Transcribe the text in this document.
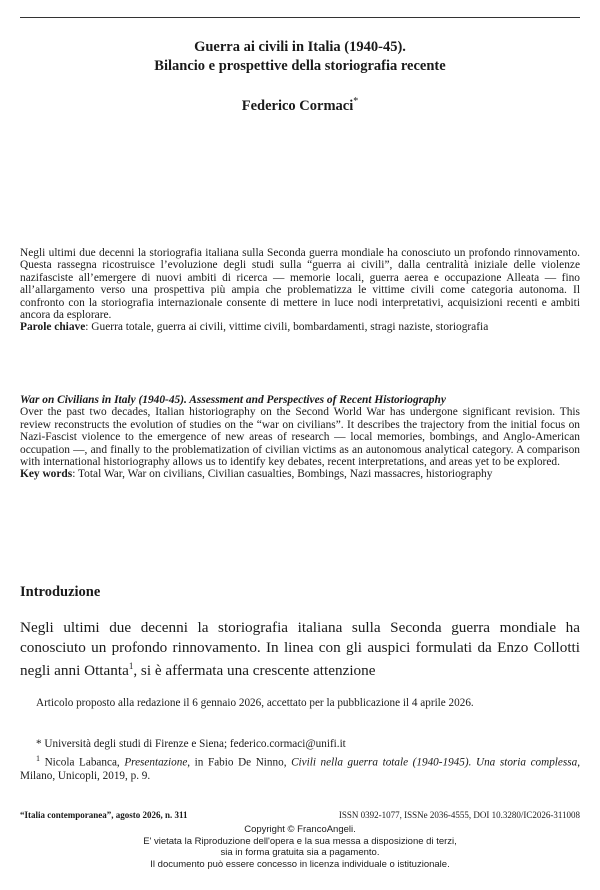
Guerra ai civili in Italia (1940-45).
Bilancio e prospettive della storiografia recente
Federico Cormaci*

Negli ultimi due decenni la storiografia italiana sulla Seconda guerra mondiale ha conosciuto un profondo rinnovamento. Questa rassegna ricostruisce l’evoluzione degli studi sulla “guerra ai civili”, dalla centralità iniziale delle violenze nazifasciste all’emergere di nuovi ambiti di ricerca — memorie locali, guerra aerea e occupazione Alleata — fino all’allargamento verso una prospettiva più ampia che problematizza le vittime civili come categoria autonoma. Il confronto con la storiografia internazionale consente di mettere in luce nodi interpretativi, acquisizioni recenti e ambiti ancora da esplorare.

Parole chiave: Guerra totale, guerra ai civili, vittime civili, bombardamenti, stragi naziste, storiografia

War on Civilians in Italy (1940-45). Assessment and Perspectives of Recent Historiography

Over the past two decades, Italian historiography on the Second World War has undergone significant revision. This review reconstructs the evolution of studies on the “war on civilians”. It describes the trajectory from the initial focus on Nazi-Fascist violence to the emergence of new areas of research — local memories, bombings, and Anglo-American occupation —, and finally to the problematization of civilian victims as an autonomous analytical category. A comparison with international historiography allows us to identify key debates, recent interpretations, and areas yet to be explored.

Key words: Total War, War on civilians, Civilian casualties, Bombings, Nazi massacres, historiography

Introduzione

Negli ultimi due decenni la storiografia italiana sulla Seconda guerra mondiale ha conosciuto un profondo rinnovamento. In linea con gli auspici formulati da Enzo Collotti negli anni Ottanta$^1$, si è affermata una crescente attenzione

Articolo proposto alla redazione il 6 gennaio 2026, accettato per la pubblicazione il 4 aprile 2026.

* Università degli studi di Firenze e Siena; federico.cormaci@unifi.it

$^1$ Nicola Labanca, Presentazione, in Fabio De Ninno, Civili nella guerra totale (1940-1945). Una storia complessa, Milano, Unicopli, 2019, p. 9.

“Italia contemporanea”, agosto 2026, n. 311	ISSN 0392-1077, ISSNe 2036-4555, DOI 10.3280/IC2026-311008
Copyright © FrancoAngeli.
E' vietata la Riproduzione dell'opera e la sua messa a disposizione di terzi,
sia in forma gratuita sia a pagamento.
Il documento può essere concesso in licenza individuale o istituzionale.
